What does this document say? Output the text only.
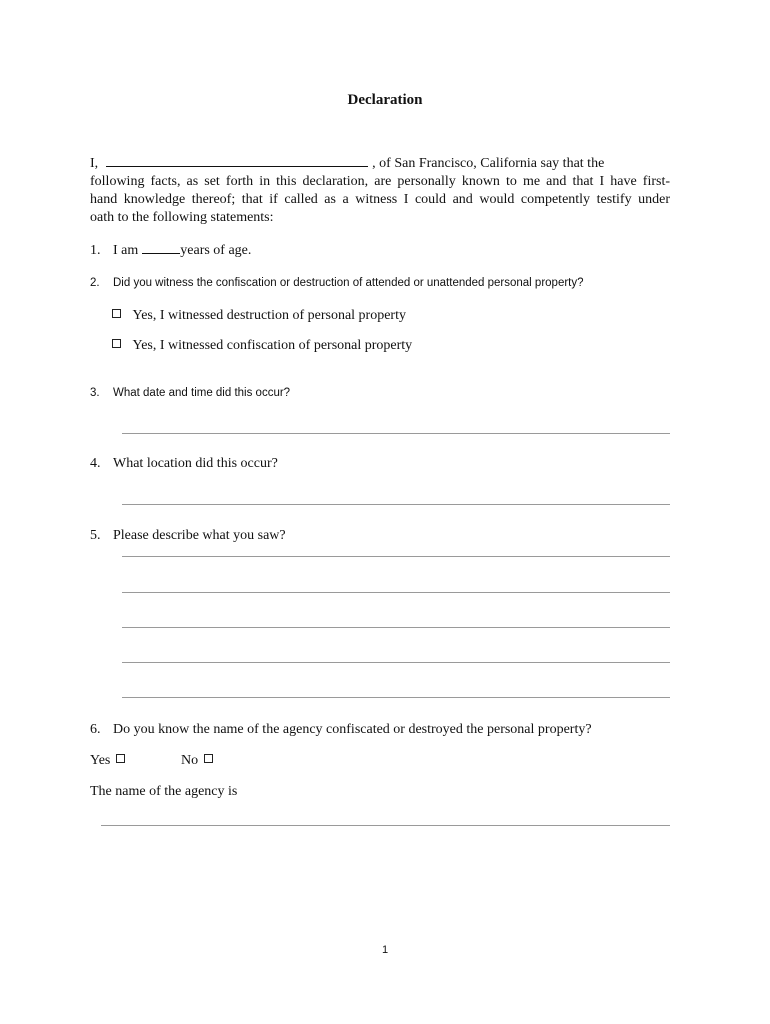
Declaration
I,	, of San Francisco, California say that the
following facts, as set forth in this declaration, are personally known to me and that I have first-
hand knowledge thereof; that if called as a witness I could and would competently testify under
oath to the following statements:
1. I am	years of age.
2. Did you witness the confiscation or destruction of attended or unattended personal property?
Yes, I witnessed destruction of personal property
Yes, I witnessed confiscation of personal property
3. What date and time did this occur?
4. What location did this occur?
5. Please describe what you saw?
6. Do you know the name of the agency confiscated or destroyed the personal property?
Yes	No
The name of the agency is
1
